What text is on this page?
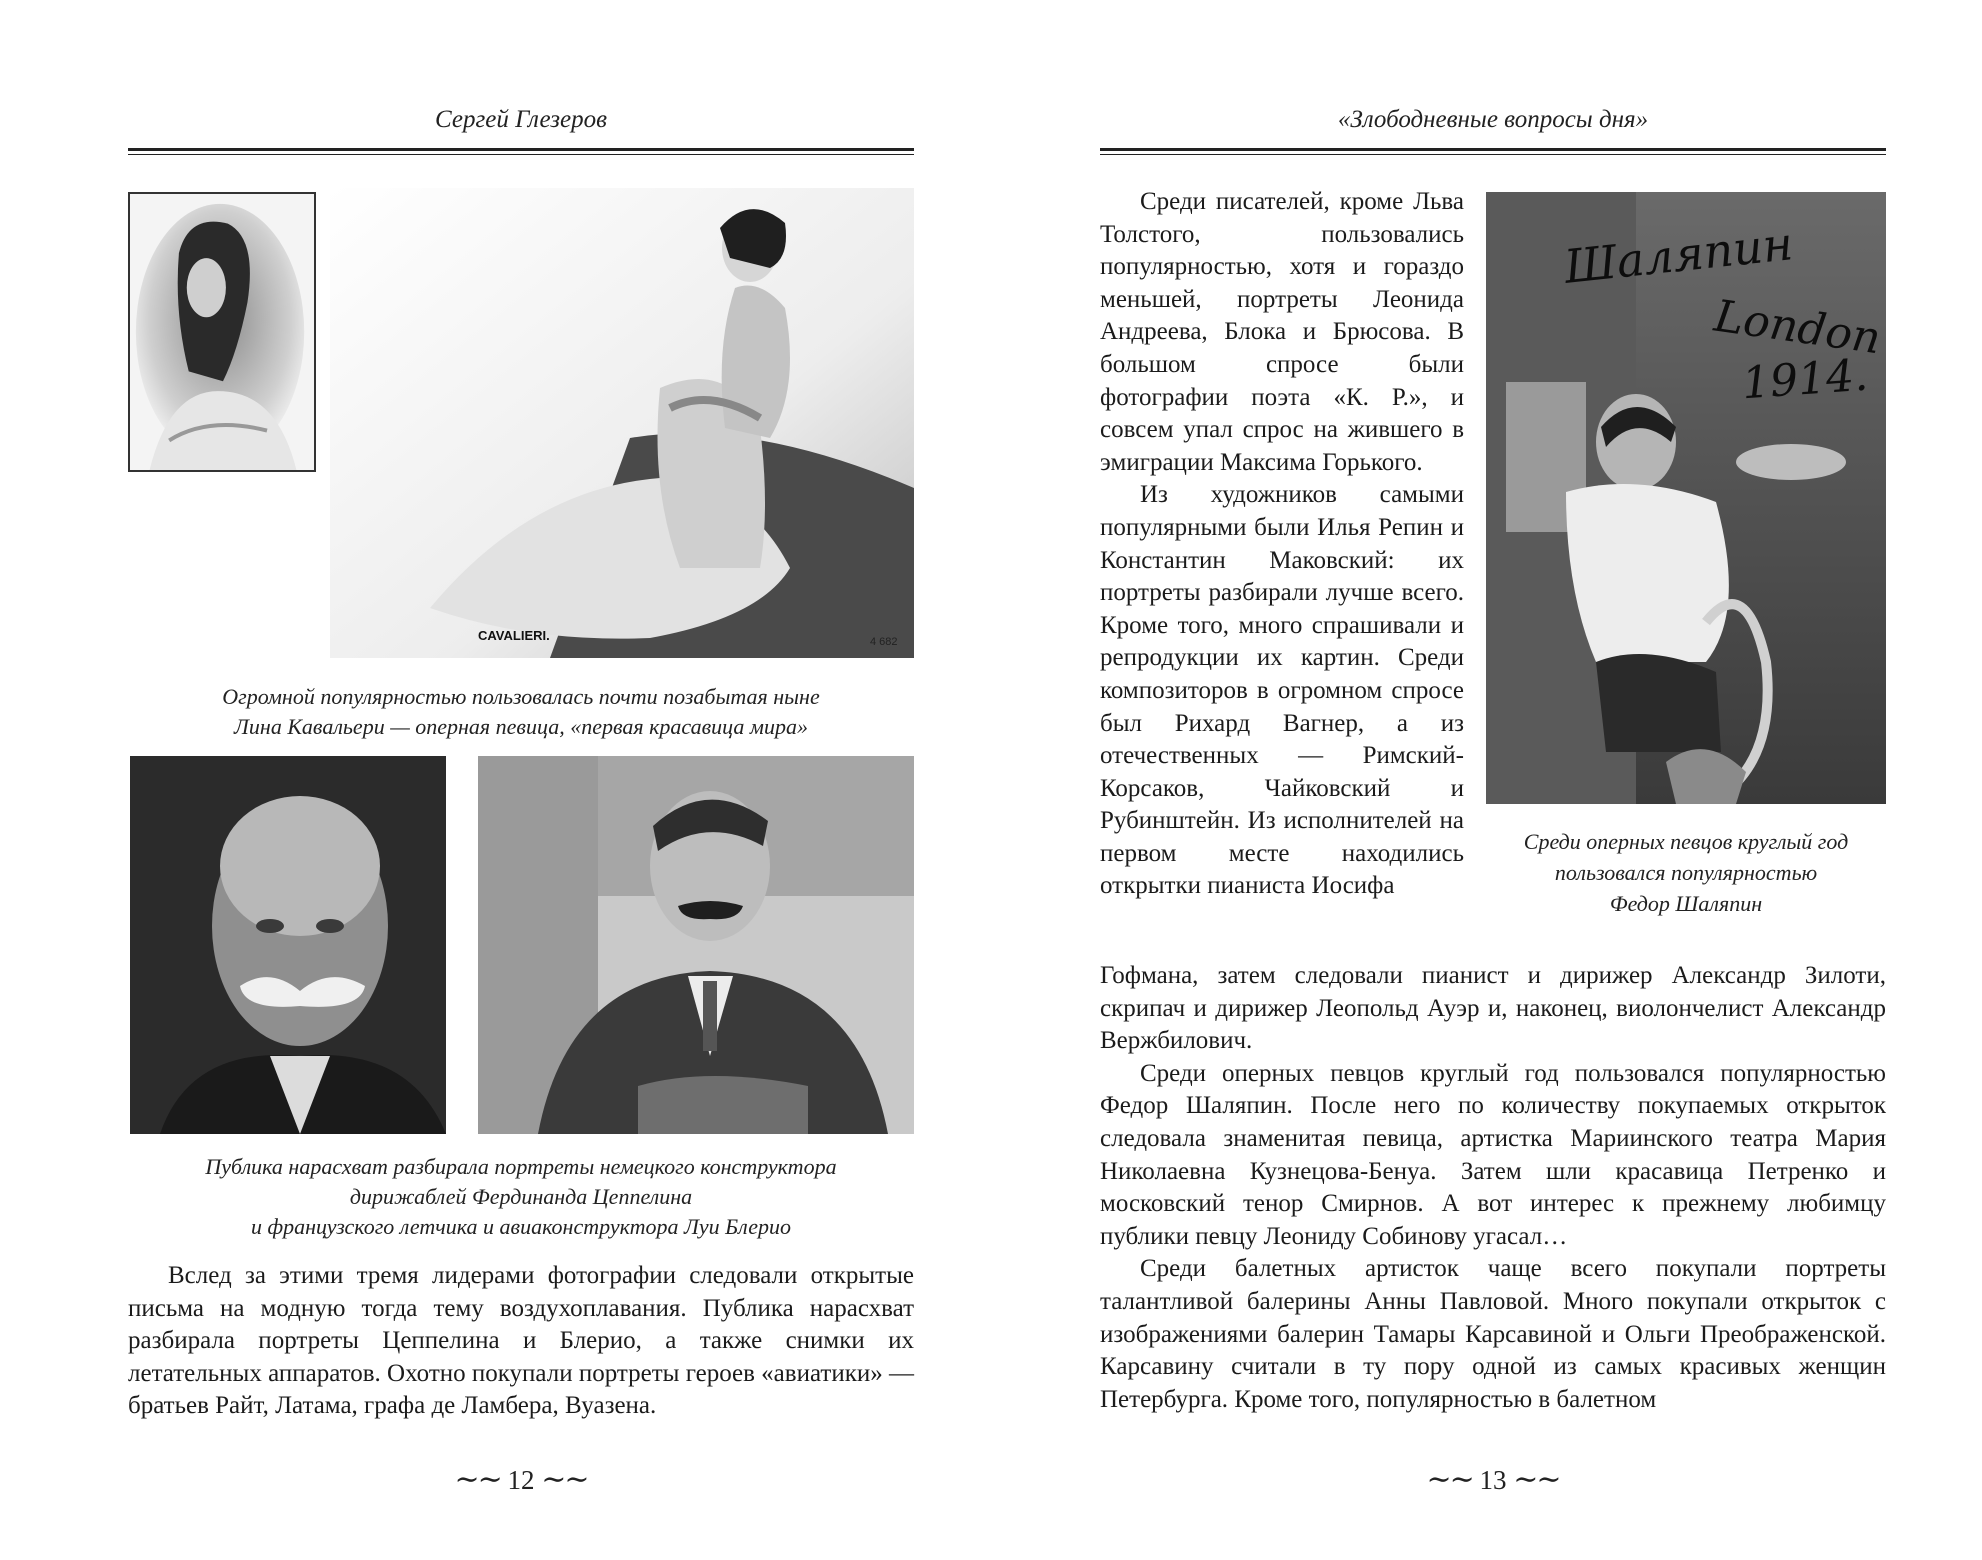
Сергей Глезеров
CAVALIERI.	4 682
Огромной популярностью пользовалась почти позабытая ныне
Лина Кавальери — оперная певица, «первая красавица мира»
Публика нарасхват разбирала портреты немецкого конструктора
дирижаблей Фердинанда Цеппелина
и французского летчика и авиаконструктора Луи Блерио

Вслед за этими тремя лидерами фотографии следовали открытые письма на модную тогда тему воздухоплавания. Публика нарасхват разбирала портреты Цеппелина и Блерио, а также снимки их летательных аппаратов. Охотно покупали портреты героев «авиатики» — братьев Райт, Латама, графа де Ламбера, Вуазена.

∼∼ 12 ∼∼
«Злободневные вопросы дня»
Шаляпин
London
1914.
Среди оперных певцов круглый год
пользовался популярностью
Федор Шаляпин

Среди писателей, кроме Льва Толстого, пользовались популярностью, хотя и гораздо меньшей, портреты Леонида Андреева, Блока и Брюсова. В большом спросе были фотографии поэта «К. Р.», и совсем упал спрос на жившего в эмиграции Максима Горького.

Из художников самыми популярными были Илья Репин и Константин Маковский: их портреты разбирали лучше всего. Кроме того, много спрашивали и репродукции их картин. Среди композиторов в огромном спросе был Рихард Вагнер, а из отечественных — Римский-Корсаков, Чайковский и Рубинштейн. Из исполнителей на первом месте находились открытки пианиста Иосифа

Гофмана, затем следовали пианист и дирижер Александр Зилоти, скрипач и дирижер Леопольд Ауэр и, наконец, виолончелист Александр Вержбилович.

Среди оперных певцов круглый год пользовался популярностью Федор Шаляпин. После него по количеству покупаемых открыток следовала знаменитая певица, артистка Мариинского театра Мария Николаевна Кузнецова-Бенуа. Затем шли красавица Петренко и московский тенор Смирнов. А вот интерес к прежнему любимцу публики певцу Леониду Собинову угасал…

Среди балетных артисток чаще всего покупали портреты талантливой балерины Анны Павловой. Много покупали открыток с изображениями балерин Тамары Карсавиной и Ольги Преображенской. Карсавину считали в ту пору одной из самых красивых женщин Петербурга. Кроме того, популярностью в балетном

∼∼ 13 ∼∼
